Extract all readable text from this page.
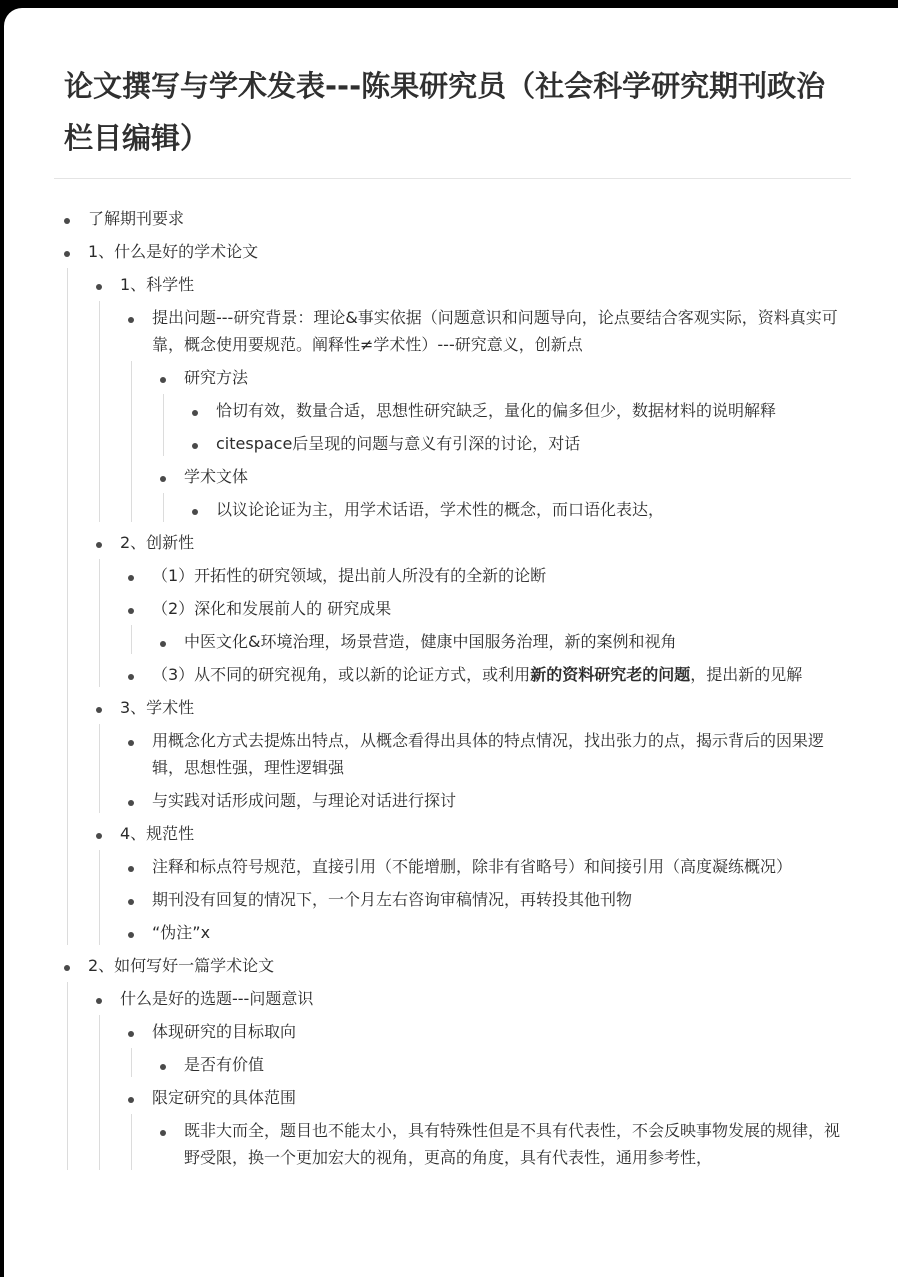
论文撰写与学术发表---陈果研究员（社会科学研究期刊政治栏目编辑）
了解期刊要求
1、什么是好的学术论文
1、科学性
提出问题---研究背景：理论&事实依据（问题意识和问题导向，论点要结合客观实际，资料真实可靠，概念使用要规范。阐释性≠学术性）---研究意义，创新点
研究方法
恰切有效，数量合适，思想性研究缺乏，量化的偏多但少，数据材料的说明解释
citespace后呈现的问题与意义有引深的讨论，对话
学术文体
以议论论证为主，用学术话语，学术性的概念，而口语化表达，
2、创新性
（1）开拓性的研究领域，提出前人所没有的全新的论断
（2）深化和发展前人的 研究成果
中医文化&环境治理，场景营造，健康中国服务治理，新的案例和视角
（3）从不同的研究视角，或以新的论证方式，或利用新的资料研究老的问题，提出新的见解
3、学术性
用概念化方式去提炼出特点，从概念看得出具体的特点情况，找出张力的点，揭示背后的因果逻辑，思想性强，理性逻辑强
与实践对话形成问题，与理论对话进行探讨
4、规范性
注释和标点符号规范，直接引用（不能增删，除非有省略号）和间接引用（高度凝练概况）
期刊没有回复的情况下，一个月左右咨询审稿情况，再转投其他刊物
“伪注”x
2、如何写好一篇学术论文
什么是好的选题---问题意识
体现研究的目标取向
是否有价值
限定研究的具体范围
既非大而全，题目也不能太小，具有特殊性但是不具有代表性，不会反映事物发展的规律，视野受限，换一个更加宏大的视角，更高的角度，具有代表性，通用参考性，
